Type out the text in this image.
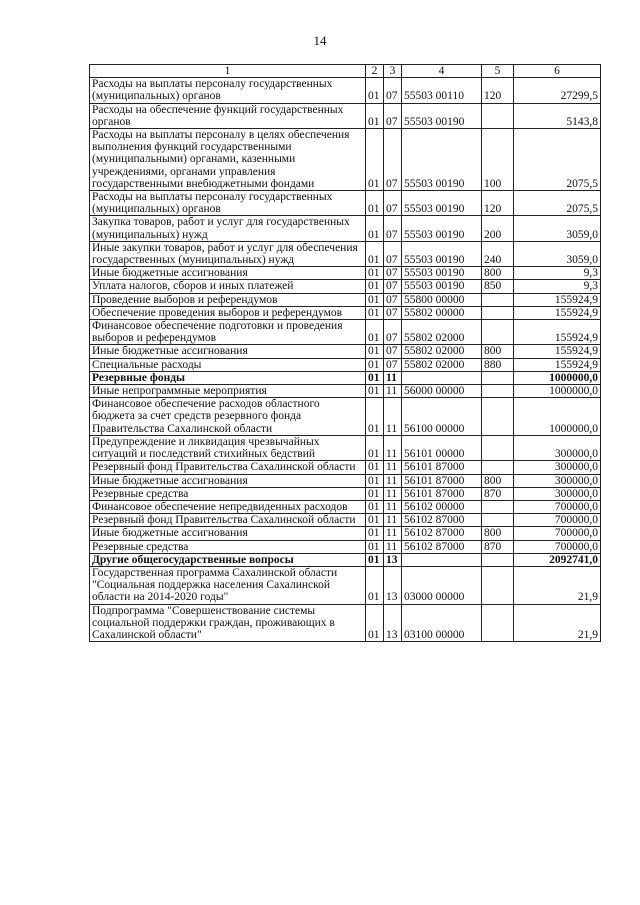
14
1	2	3	4	5	6
Расходы на выплаты персоналу государственных (муниципальных) органов	01	07	55503 00110	120	27299,5
Расходы на обеспечение функций государственных органов	01	07	55503 00190		5143,8
Расходы на выплаты персоналу в целях обеспечения выполнения функций государственными (муниципальными) органами, казенными учреждениями, органами управления государственными внебюджетными фондами	01	07	55503 00190	100	2075,5
Расходы на выплаты персоналу государственных (муниципальных) органов	01	07	55503 00190	120	2075,5
Закупка товаров, работ и услуг для государственных (муниципальных) нужд	01	07	55503 00190	200	3059,0
Иные закупки товаров, работ и услуг для обеспечения государственных (муниципальных) нужд	01	07	55503 00190	240	3059,0
Иные бюджетные ассигнования	01	07	55503 00190	800	9,3
Уплата налогов, сборов и иных платежей	01	07	55503 00190	850	9,3
Проведение выборов и референдумов	01	07	55800 00000		155924,9
Обеспечение проведения выборов и референдумов	01	07	55802 00000		155924,9
Финансовое обеспечение подготовки и проведения выборов и референдумов	01	07	55802 02000		155924,9
Иные бюджетные ассигнования	01	07	55802 02000	800	155924,9
Специальные расходы	01	07	55802 02000	880	155924,9
Резервные фонды	01	11			1000000,0
Иные непрограммные мероприятия	01	11	56000 00000		1000000,0
Финансовое обеспечение расходов областного бюджета за счет средств резервного фонда Правительства Сахалинской области	01	11	56100 00000		1000000,0
Предупреждение и ликвидация чрезвычайных ситуаций и последствий стихийных бедствий	01	11	56101 00000		300000,0
Резервный фонд Правительства Сахалинской области	01	11	56101 87000		300000,0
Иные бюджетные ассигнования	01	11	56101 87000	800	300000,0
Резервные средства	01	11	56101 87000	870	300000,0
Финансовое обеспечение непредвиденных расходов	01	11	56102 00000		700000,0
Резервный фонд Правительства Сахалинской области	01	11	56102 87000		700000,0
Иные бюджетные ассигнования	01	11	56102 87000	800	700000,0
Резервные средства	01	11	56102 87000	870	700000,0
Другие общегосударственные вопросы	01	13			2092741,0
Государственная программа Сахалинской области "Социальная поддержка населения Сахалинской области на 2014-2020 годы"	01	13	03000 00000		21,9
Подпрограмма "Совершенствование системы социальной поддержки граждан, проживающих в Сахалинской области"	01	13	03100 00000		21,9
